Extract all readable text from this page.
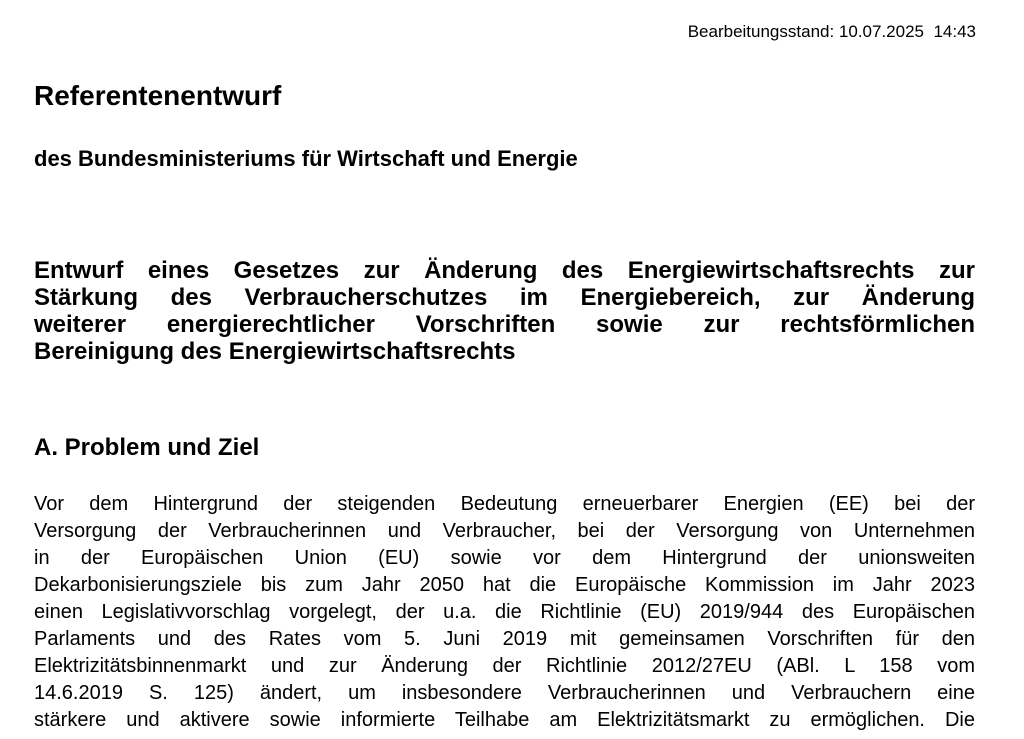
Bearbeitungsstand: 10.07.2025  14:43
Referentenentwurf
des Bundesministeriums für Wirtschaft und Energie
Entwurf eines Gesetzes zur Änderung des Energiewirtschaftsrechts zur
Stärkung des Verbraucherschutzes im Energiebereich, zur Änderung
weiterer energierechtlicher Vorschriften sowie zur rechtsförmlichen
Bereinigung des Energiewirtschaftsrechts
A. Problem und Ziel
Vor dem Hintergrund der steigenden Bedeutung erneuerbarer Energien (EE) bei der
Versorgung der Verbraucherinnen und Verbraucher, bei der Versorgung von Unternehmen
in der Europäischen Union (EU) sowie vor dem Hintergrund der unionsweiten
Dekarbonisierungsziele bis zum Jahr 2050 hat die Europäische Kommission im Jahr 2023
einen Legislativvorschlag vorgelegt, der u.a. die Richtlinie (EU) 2019/944 des Europäischen
Parlaments und des Rates vom 5. Juni 2019 mit gemeinsamen Vorschriften für den
Elektrizitätsbinnenmarkt und zur Änderung der Richtlinie 2012/27EU (ABl. L 158 vom
14.6.2019 S. 125) ändert, um insbesondere Verbraucherinnen und Verbrauchern eine
stärkere und aktivere sowie informierte Teilhabe am Elektrizitätsmarkt zu ermöglichen. Die
